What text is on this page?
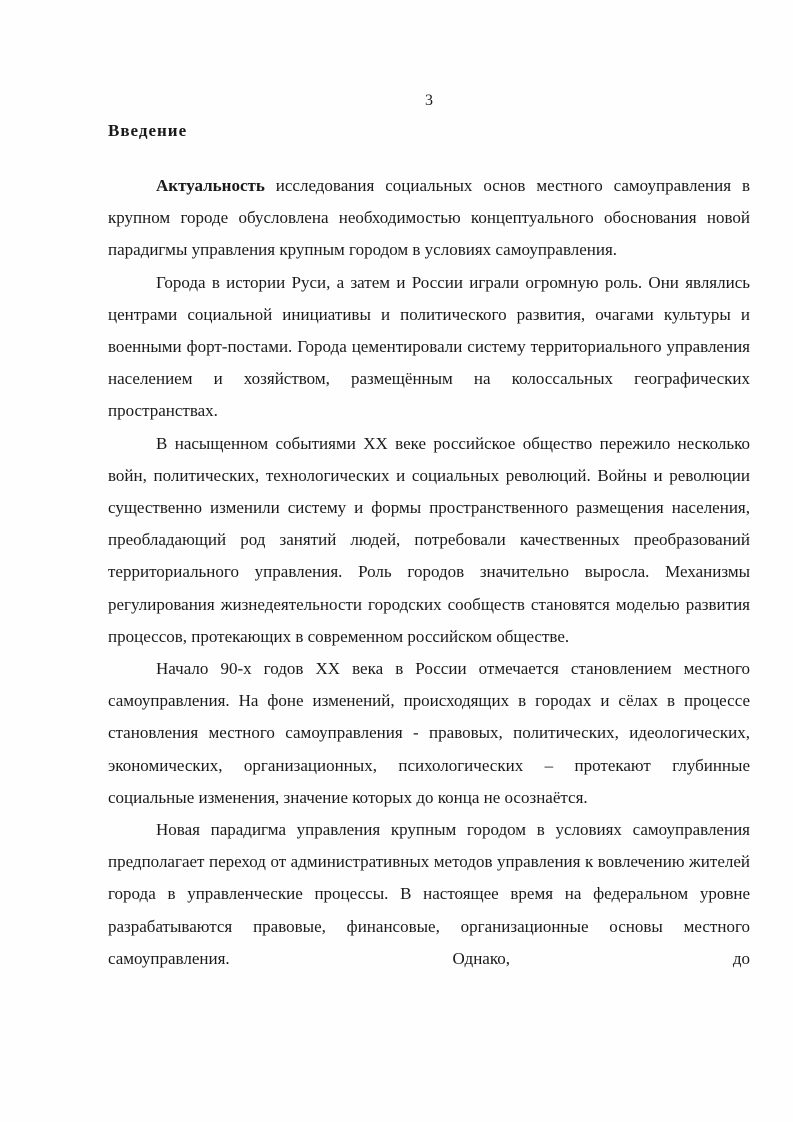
3
Введение

Актуальность исследования социальных основ местного самоуправления в крупном городе обусловлена необходимостью концептуального обоснования новой парадигмы управления крупным городом в условиях самоуправления.

Города в истории Руси, а затем и России играли огромную роль. Они являлись центрами социальной инициативы и политического развития, очагами культуры и военными форт-постами. Города цементировали систему территориального управления населением и хозяйством, размещённым на колоссальных географических пространствах.

В насыщенном событиями XX веке российское общество пережило несколько войн, политических, технологических и социальных революций. Войны и революции существенно изменили систему и формы пространственного размещения населения, преобладающий род занятий людей, потребовали качественных преобразований территориального управления. Роль городов значительно выросла. Механизмы регулирования жизнедеятельности городских сообществ становятся моделью развития процессов, протекающих в современном российском обществе.

Начало 90-х годов XX века в России отмечается становлением местного самоуправления. На фоне изменений, происходящих в городах и сёлах в процессе становления местного самоуправления - правовых, политических, идеологических, экономических, организационных, психологических – протекают глубинные социальные изменения, значение которых до конца не осознаётся.

Новая парадигма управления крупным городом в условиях самоуправления предполагает переход от административных методов управления к вовлечению жителей города в управленческие процессы. В настоящее время на федеральном уровне разрабатываются правовые, финансовые, организационные основы местного самоуправления. Однако, до
